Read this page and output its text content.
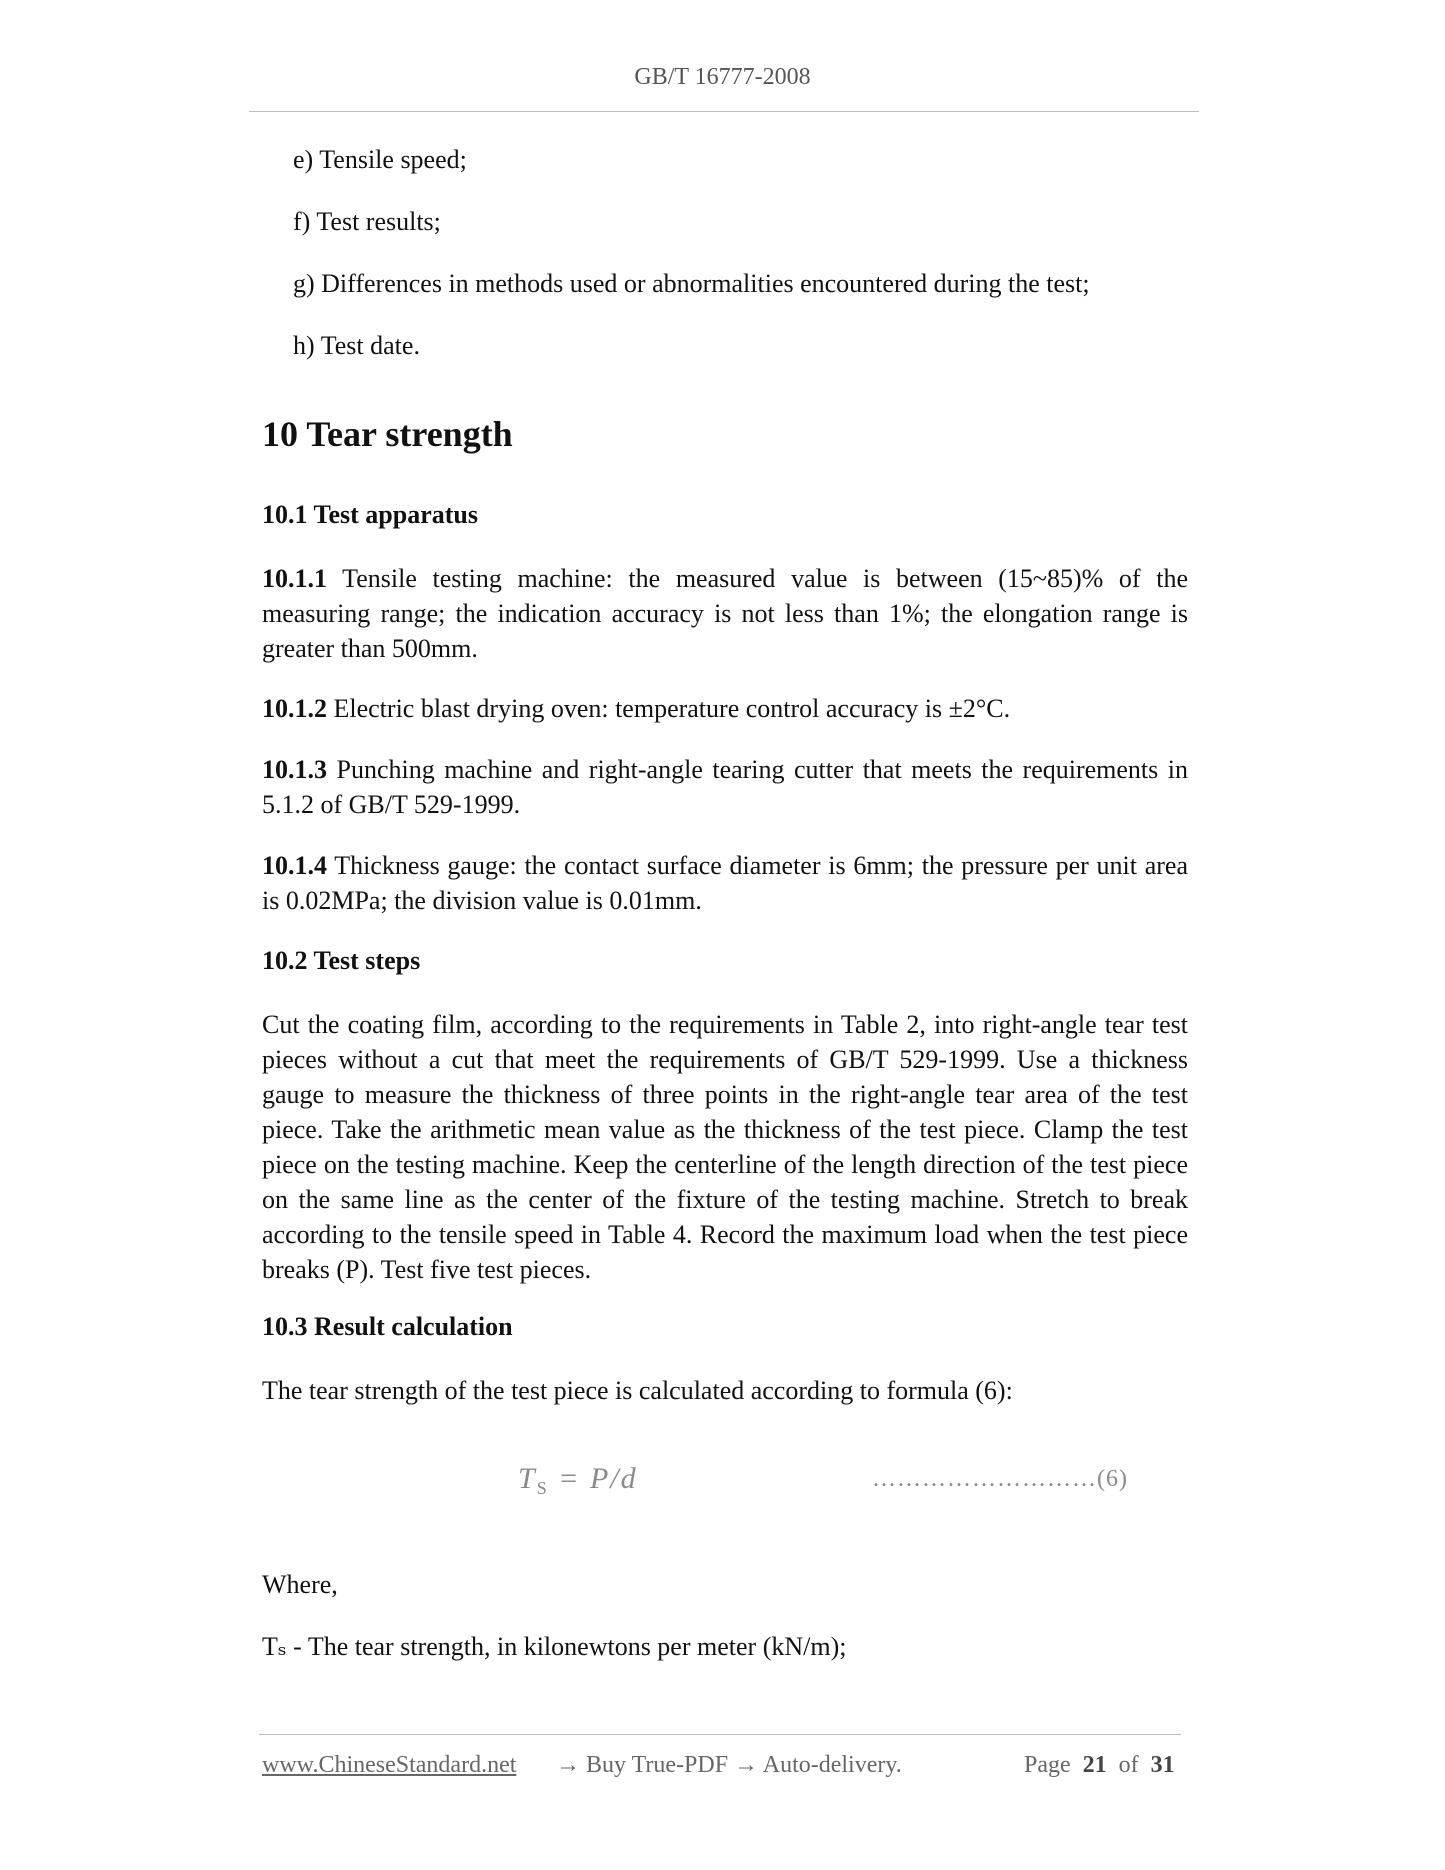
GB/T 16777-2008
e) Tensile speed;
f) Test results;
g) Differences in methods used or abnormalities encountered during the test;
h) Test date.
10 Tear strength
10.1 Test apparatus
10.1.1 Tensile testing machine: the measured value is between (15~85)% of the measuring range; the indication accuracy is not less than 1%; the elongation range is greater than 500mm.
10.1.2 Electric blast drying oven: temperature control accuracy is ±2°C.
10.1.3 Punching machine and right-angle tearing cutter that meets the requirements in 5.1.2 of GB/T 529-1999.
10.1.4 Thickness gauge: the contact surface diameter is 6mm; the pressure per unit area is 0.02MPa; the division value is 0.01mm.
10.2 Test steps
Cut the coating film, according to the requirements in Table 2, into right-angle tear test pieces without a cut that meet the requirements of GB/T 529-1999. Use a thickness gauge to measure the thickness of three points in the right-angle tear area of the test piece. Take the arithmetic mean value as the thickness of the test piece. Clamp the test piece on the testing machine. Keep the centerline of the length direction of the test piece on the same line as the center of the fixture of the testing machine. Stretch to break according to the tensile speed in Table 4. Record the maximum load when the test piece breaks (P). Test five test pieces.
10.3 Result calculation
The tear strength of the test piece is calculated according to formula (6):
$T_S = P/d$	………………………(6)
Where,
Tₛ - The tear strength, in kilonewtons per meter (kN/m);
www.ChineseStandard.net → Buy True-PDF → Auto-delivery.	Page 21 of 31
